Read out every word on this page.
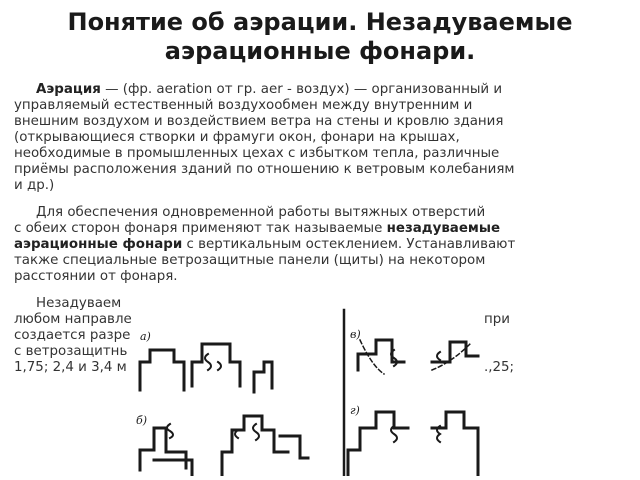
Понятие об аэрации. Незадуваемые
аэрационные фонари.
Аэрация — (фр. aeration от гр. aer - воздух) — организованный и
управляемый естественный воздухообмен между внутренним и
внешним воздухом и воздействием ветра на стены и кровлю здания
(открывающиеся створки и фрамуги окон, фонари на крышах,
необходимые в промышленных цехах с избытком тепла, различные
приёмы расположения зданий по отношению к ветровым колебаниям
и др.)
Для обеспечения одновременной работы вытяжных отверстий
с обеих сторон фонаря применяют так называемые незадуваемые
аэрационные фонари с вертикальным остеклением. Устанавливают
также специальные ветрозащитные панели (щиты) на некотором
расстоянии от фонаря.
Незадуваем
при
любом направле
создается разре
с ветрозащитнь
.,25;
1,75; 2,4 и 3,4 м
а)
б)
в)
г)
